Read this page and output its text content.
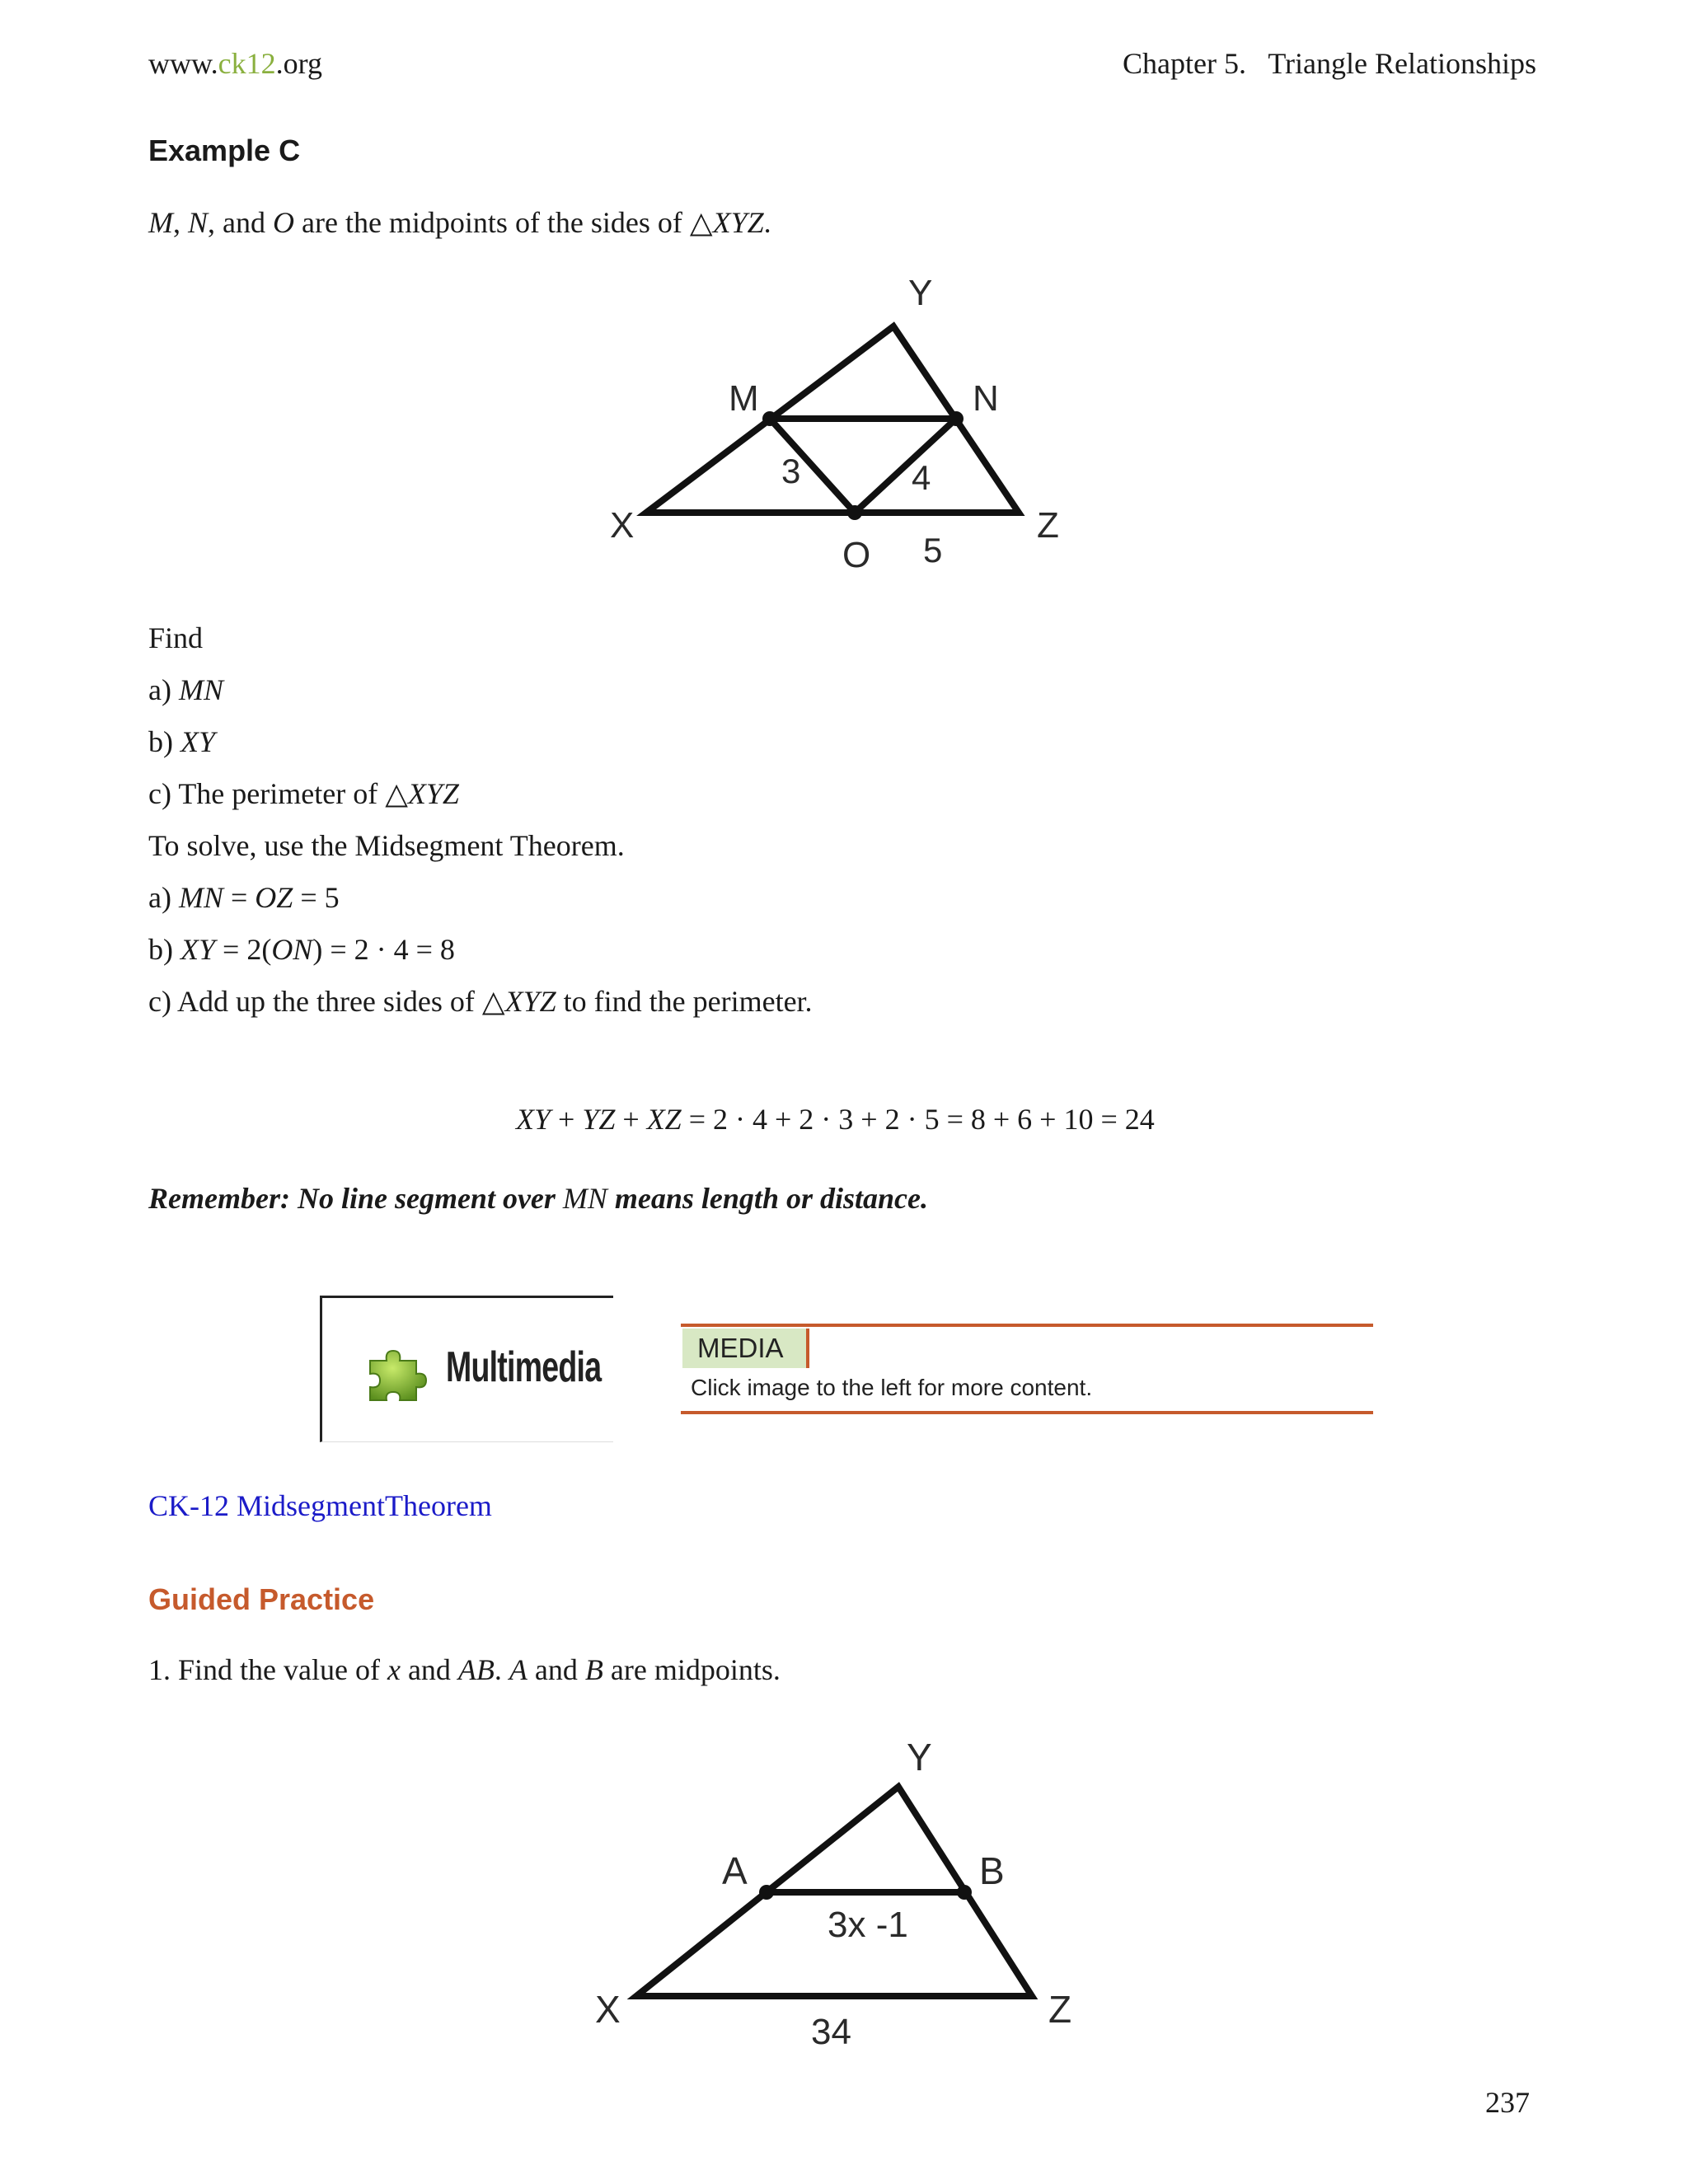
www.ck12.org	Chapter 5.   Triangle Relationships
Example C
M, N, and O are the midpoints of the sides of △XYZ.
Y
M	N
X
O
Z
3	4
5
Find
a) MN
b) XY
c) The perimeter of △XYZ
To solve, use the Midsegment Theorem.
a) MN = OZ = 5
b) XY = 2(ON) = 2 · 4 = 8
c) Add up the three sides of △XYZ to find the perimeter.
XY + YZ + XZ = 2 · 4 + 2 · 3 + 2 · 5 = 8 + 6 + 10 = 24
Remember: No line segment over MN means length or distance.
Multimedia	MEDIA
Click image to the left for more content.
CK-12 MidsegmentTheorem
Guided Practice
1. Find the value of x and AB. A and B are midpoints.
Y
A	B
X	Z
3x -1
34
237
